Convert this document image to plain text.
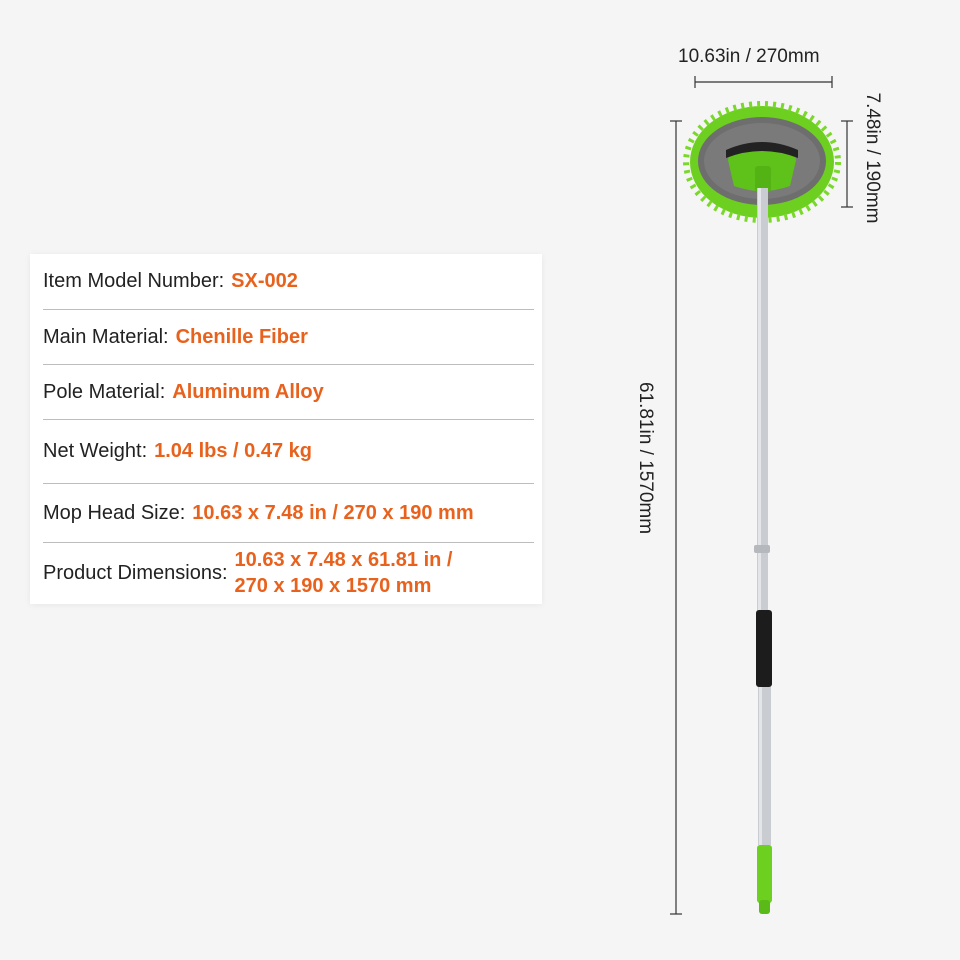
Item Model Number: SX-002
Main Material: Chenille Fiber
Pole Material: Aluminum Alloy
Net Weight: 1.04 lbs / 0.47 kg
Mop Head Size: 10.63 x 7.48 in / 270 x 190 mm
Product Dimensions:
10.63 x 7.48 x 61.81 in /
270 x 190 x 1570 mm
10.63in / 270mm
7.48in / 190mm
61.81in / 1570mm
